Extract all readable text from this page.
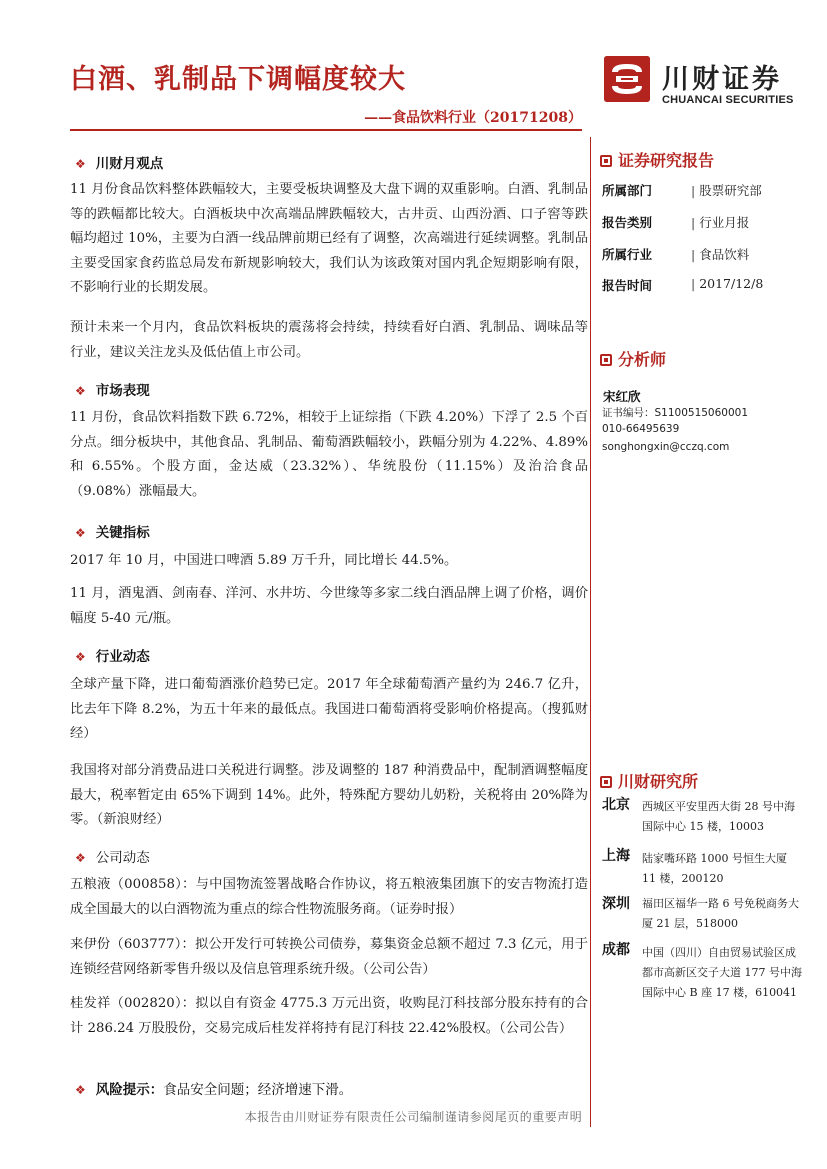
白酒、乳制品下调幅度较大
——食品饮料行业（20171208）
川财证券
CHUANCAI SECURITIES
❖ 川财月观点

11 月份食品饮料整体跌幅较大，主要受板块调整及大盘下调的双重影响。白酒、乳制品等的跌幅都比较大。白酒板块中次高端品牌跌幅较大，古井贡、山西汾酒、口子窖等跌幅均超过 10%，主要为白酒一线品牌前期已经有了调整，次高端进行延续调整。乳制品主要受国家食药监总局发布新规影响较大，我们认为该政策对国内乳企短期影响有限，不影响行业的长期发展。

预计未来一个月内，食品饮料板块的震荡将会持续，持续看好白酒、乳制品、调味品等行业，建议关注龙头及低估值上市公司。

❖ 市场表现

11 月份，食品饮料指数下跌 6.72%，相较于上证综指（下跌 4.20%）下浮了 2.5 个百分点。细分板块中，其他食品、乳制品、葡萄酒跌幅较小，跌幅分别为 4.22%、4.89%和 6.55%。个股方面，金达威（23.32%）、华统股份（11.15%）及治洽食品（9.08%）涨幅最大。

❖ 关键指标

2017 年 10 月，中国进口啤酒 5.89 万千升，同比增长 44.5%。

11 月，酒鬼酒、剑南春、洋河、水井坊、今世缘等多家二线白酒品牌上调了价格，调价幅度 5-40 元/瓶。

❖ 行业动态

全球产量下降，进口葡萄酒涨价趋势已定。2017 年全球葡萄酒产量约为 246.7 亿升，比去年下降 8.2%，为五十年来的最低点。我国进口葡萄酒将受影响价格提高。（搜狐财经）

我国将对部分消费品进口关税进行调整。涉及调整的 187 种消费品中，配制酒调整幅度最大，税率暂定由 65%下调到 14%。此外，特殊配方婴幼儿奶粉，关税将由 20%降为零。（新浪财经）

❖ 公司动态

五粮液（000858）：与中国物流签署战略合作协议，将五粮液集团旗下的安吉物流打造成全国最大的以白酒物流为重点的综合性物流服务商。（证券时报）

来伊份（603777）：拟公开发行可转换公司债券，募集资金总额不超过 7.3 亿元，用于连锁经营网络新零售升级以及信息管理系统升级。（公司公告）

桂发祥（002820）：拟以自有资金 4775.3 万元出资，收购昆汀科技部分股东持有的合计 286.24 万股股份，交易完成后桂发祥将持有昆汀科技 22.42%股权。（公司公告）

❖ 风险提示：食品安全问题；经济增速下滑。
证券研究报告
所属部门	| 股票研究部
报告类别	| 行业月报
所属行业	| 食品饮料
报告时间	| 2017/12/8
分析师
宋红欣
证书编号：S1100515060001
010-66495639
songhongxin@cczq.com
川财研究所
北京 西城区平安里西大街 28 号中海国际中心 15 楼，10003

上海 陆家嘴环路 1000 号恒生大厦 11 楼，200120

深圳 福田区福华一路 6 号免税商务大厦 21 层，518000

成都 中国（四川）自由贸易试验区成都市高新区交子大道 177 号中海国际中心 B 座 17 楼，610041

本报告由川财证券有限责任公司编制谨请参阅尾页的重要声明
